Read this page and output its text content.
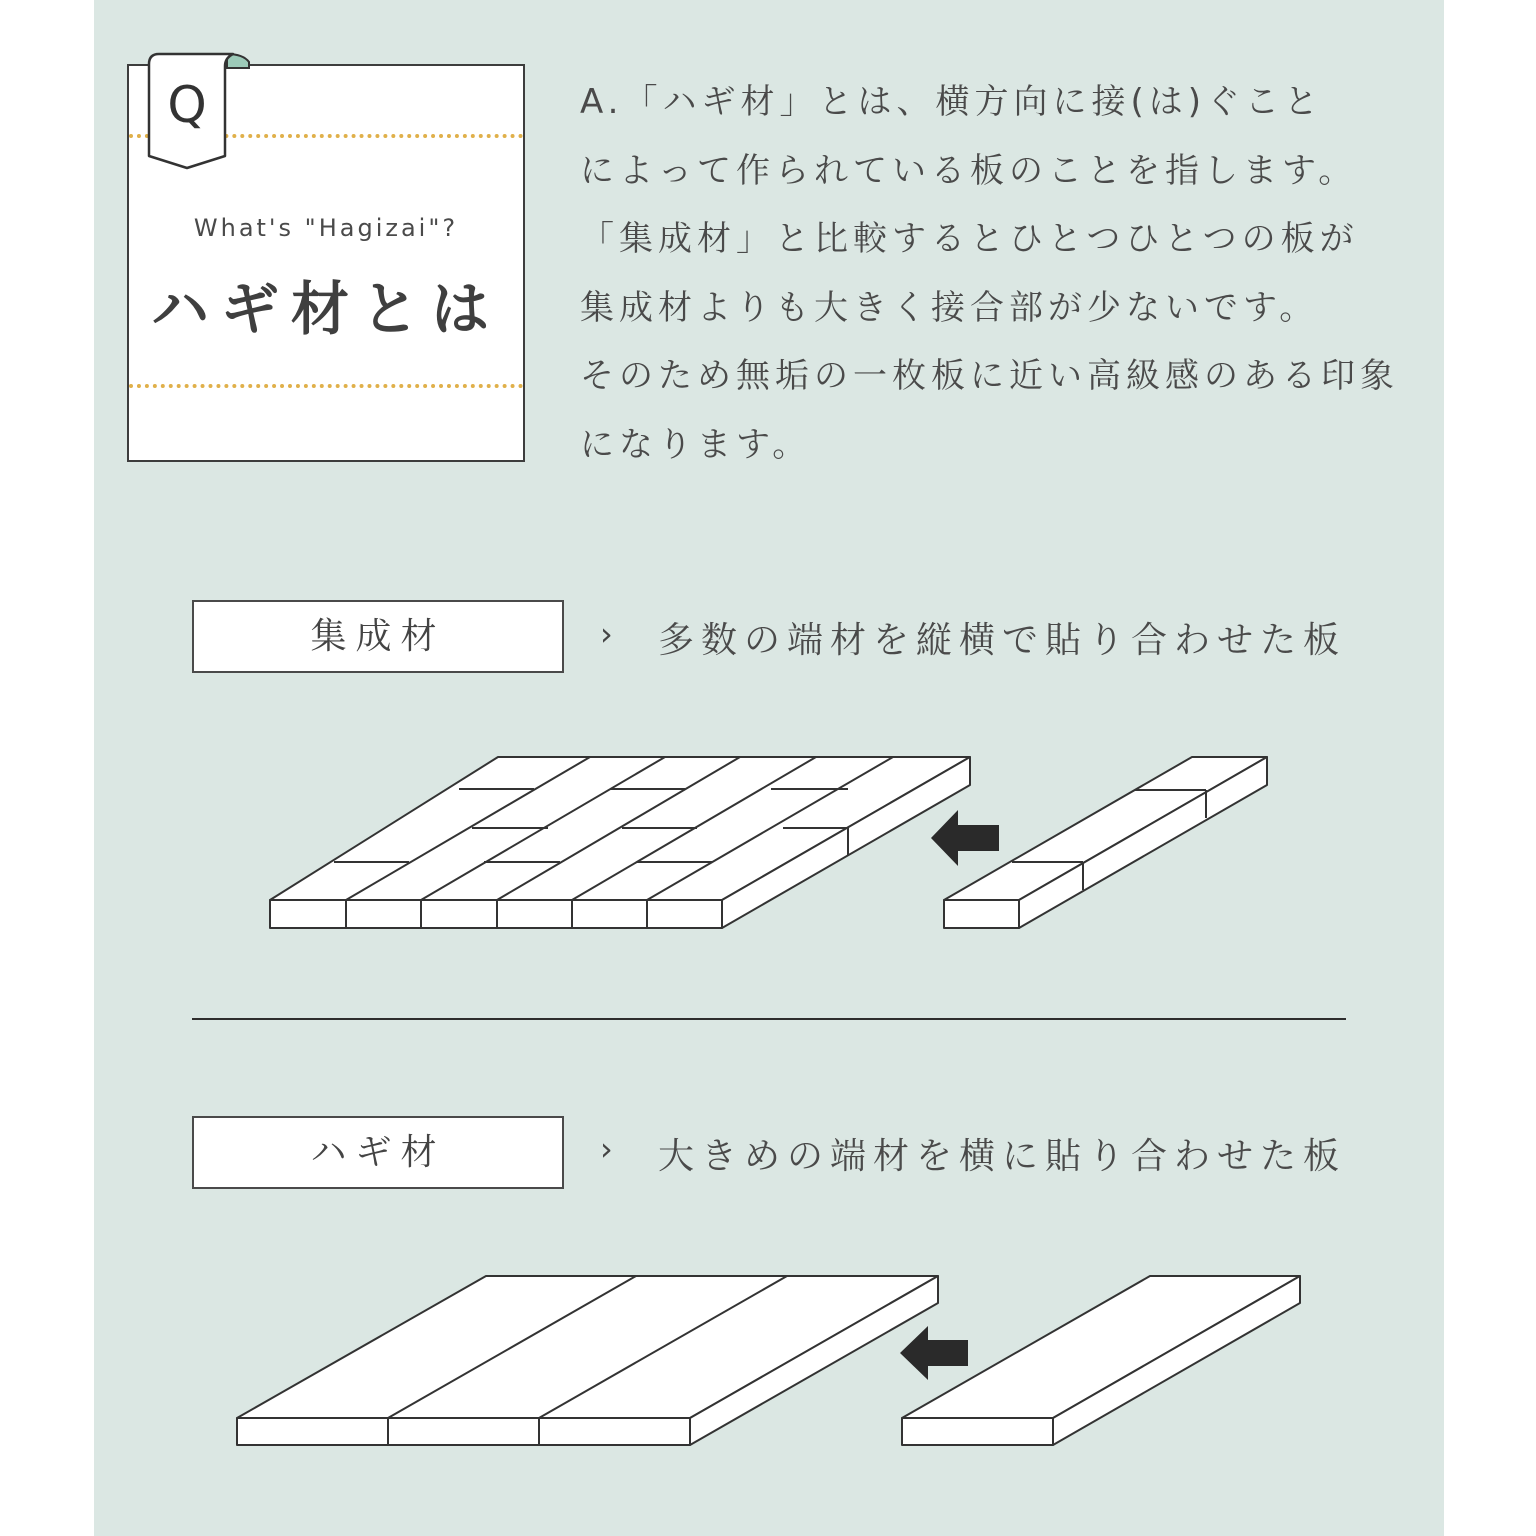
What's "Hagizai"?
ハギ材とは
Q	A.「ハギ材」とは、横方向に接(は)ぐこと
によって作られている板のことを指します。
「集成材」と比較するとひとつひとつの板が
集成材よりも大きく接合部が少ないです。
そのため無垢の一枚板に近い高級感のある印象
になります。
集成材	› 多数の端材を縦横で貼り合わせた板
ハギ材	› 大きめの端材を横に貼り合わせた板
